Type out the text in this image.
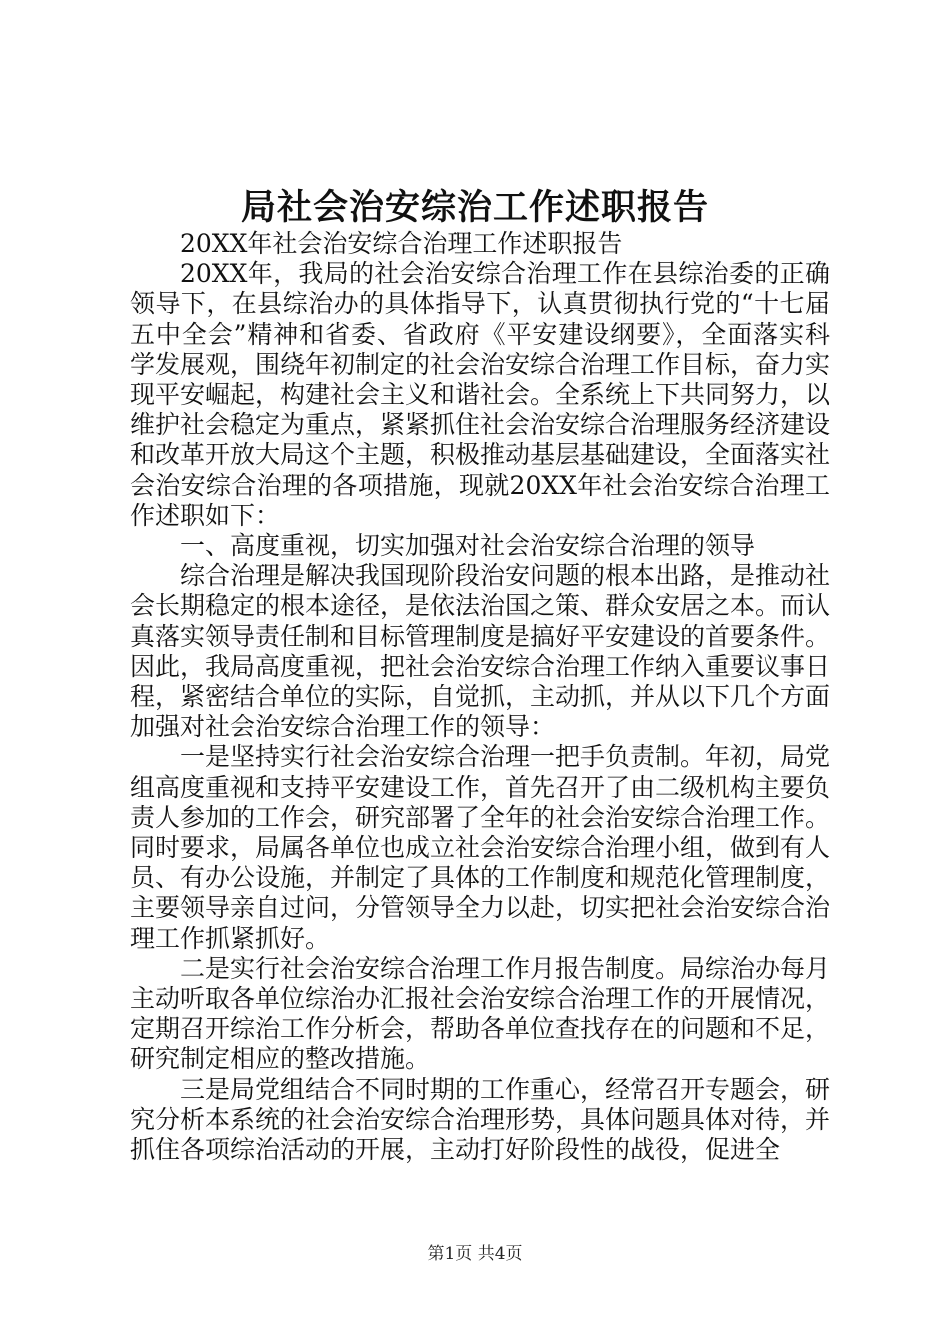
局社会治安综治工作述职报告

20XX年社会治安综合治理工作述职报告

20XX年，我局的社会治安综合治理工作在县综治委的正确领导下，在县综治办的具体指导下，认真贯彻执行党的“十七届五中全会”精神和省委、省政府《平安建设纲要》，全面落实科学发展观，围绕年初制定的社会治安综合治理工作目标，奋力实现平安崛起，构建社会主义和谐社会。全系统上下共同努力，以维护社会稳定为重点，紧紧抓住社会治安综合治理服务经济建设和改革开放大局这个主题，积极推动基层基础建设，全面落实社会治安综合治理的各项措施，现就20XX年社会治安综合治理工作述职如下：

一、高度重视，切实加强对社会治安综合治理的领导

综合治理是解决我国现阶段治安问题的根本出路，是推动社会长期稳定的根本途径，是依法治国之策、群众安居之本。而认真落实领导责任制和目标管理制度是搞好平安建设的首要条件。因此，我局高度重视，把社会治安综合治理工作纳入重要议事日程，紧密结合单位的实际，自觉抓，主动抓，并从以下几个方面加强对社会治安综合治理工作的领导：

一是坚持实行社会治安综合治理一把手负责制。年初，局党组高度重视和支持平安建设工作，首先召开了由二级机构主要负责人参加的工作会，研究部署了全年的社会治安综合治理工作。同时要求，局属各单位也成立社会治安综合治理小组，做到有人员、有办公设施，并制定了具体的工作制度和规范化管理制度，主要领导亲自过问，分管领导全力以赴，切实把社会治安综合治理工作抓紧抓好。

二是实行社会治安综合治理工作月报告制度。局综治办每月主动听取各单位综治办汇报社会治安综合治理工作的开展情况，定期召开综治工作分析会，帮助各单位查找存在的问题和不足，研究制定相应的整改措施。

三是局党组结合不同时期的工作重心，经常召开专题会，研究分析本系统的社会治安综合治理形势，具体问题具体对待，并抓住各项综治活动的开展，主动打好阶段性的战役，促进全

第1页 共4页
